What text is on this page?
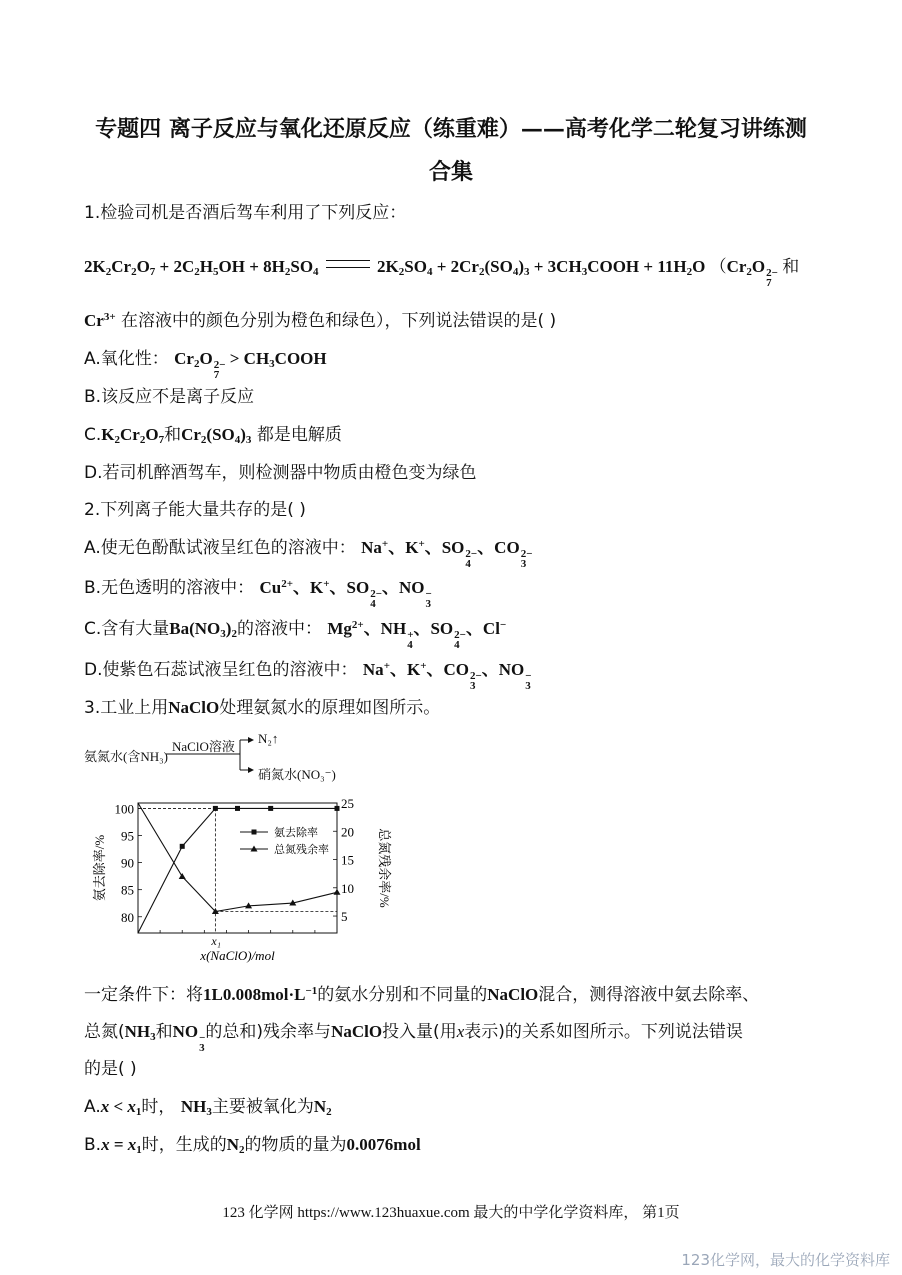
专题四 离子反应与氧化还原反应（练重难）——高考化学二轮复习讲练测
合集
1.检验司机是否酒后驾车利用了下列反应：
$2K_2Cr_2O_7 + 2C_2H_5OH + 8H_2SO_4$	$2K_2SO_4 + 2Cr_2(SO_4)_3$ + $3CH_3COOH + 11H_2O$ （$Cr_2O$ 2−
7
和
$Cr^{3+}$ 在溶液中的颜色分别为橙色和绿色），下列说法错误的是( )
A.氧化性： $Cr_2O$ 2−
7
> $CH_3COOH$
B.该反应不是离子反应
$C.K_2Cr_2O_7$和$Cr_2(SO_4)_3$ 都是电解质
D.若司机醉酒驾车，则检测器中物质由橙色变为绿色
2.下列离子能大量共存的是( )
A.使无色酚酞试液呈红色的溶液中： Na+、K+、SO 2−
4
、CO 2−
3
B.无色透明的溶液中： $Cu^{2+}$、K+、SO 2−
4
、NO −
3
C.含有大量$Ba(NO_3)_2$的溶液中： $Mg^{2+}$、NH +
4
、SO 2−
4
、Cl−
D.使紫色石蕊试液呈红色的溶液中： Na+、K+、CO 2−
3
、NO −
3
3.工业上用NaClO处理氨氮水的原理如图所示。
氨氮水(含NH₃)
NaClO溶液
N₂↑
硝氮水(NO₃⁻)
x₁
100
95
90
85
80
25
20
15
10
5
氨去除率
总氮残余率
x(NaClO)/mol
氨去除率/%	总氮残余率/%
一定条件下：将$1L0.008mol\cdot L^{-1}$的氨水分别和不同量的NaClO混合，测得溶液中氨去除率、
总氮($NH_3$和NO −
3
的总和)残余率与NaClO投入量(用x表示)的关系如图所示。下列说法错误
的是( )
$A.x < x_1$时， $NH_3$主要被氧化为$N_2$
$B.x = x_1$时，生成的$N_2$的物质的量为0.0076mol
123 化学网 https://www.123huaxue.com 最大的中学化学资料库， 第1页
123化学网，最大的化学资料库
